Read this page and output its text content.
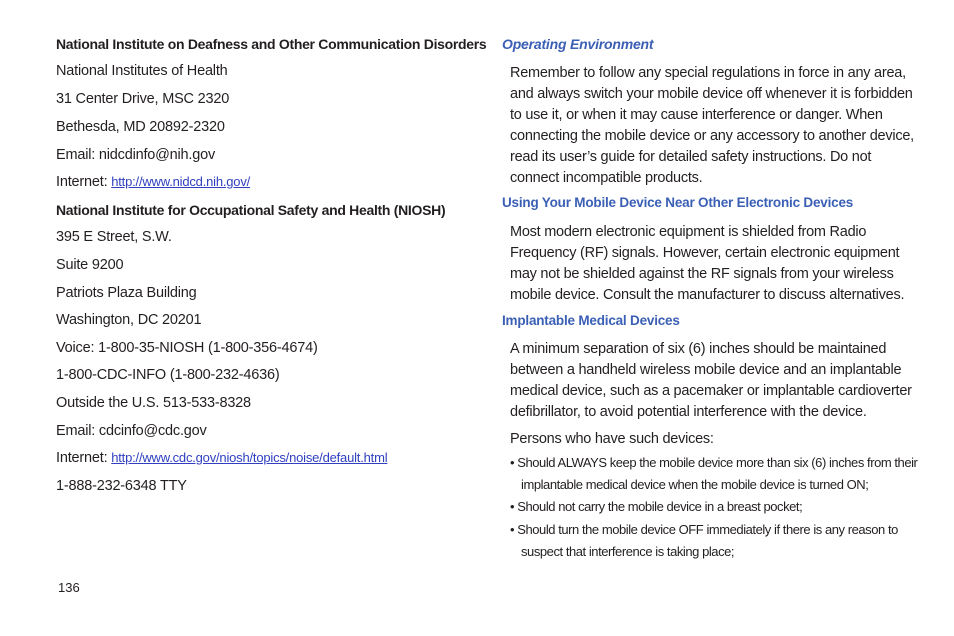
National Institute on Deafness and Other Communication Disorders
National Institutes of Health
31 Center Drive, MSC 2320
Bethesda, MD 20892-2320
Email: nidcdinfo@nih.gov
Internet: http://www.nidcd.nih.gov/
National Institute for Occupational Safety and Health (NIOSH)
395 E Street, S.W.
Suite 9200
Patriots Plaza Building
Washington, DC 20201
Voice: 1-800-35-NIOSH (1-800-356-4674)
1-800-CDC-INFO (1-800-232-4636)
Outside the U.S. 513-533-8328
Email: cdcinfo@cdc.gov
Internet: http://www.cdc.gov/niosh/topics/noise/default.html
1-888-232-6348 TTY
Operating Environment
Remember to follow any special regulations in force in any area, and always switch your mobile device off whenever it is forbidden to use it, or when it may cause interference or danger. When connecting the mobile device or any accessory to another device, read its user’s guide for detailed safety instructions. Do not connect incompatible products.
Using Your Mobile Device Near Other Electronic Devices
Most modern electronic equipment is shielded from Radio Frequency (RF) signals. However, certain electronic equipment may not be shielded against the RF signals from your wireless mobile device. Consult the manufacturer to discuss alternatives.
Implantable Medical Devices
A minimum separation of six (6) inches should be maintained between a handheld wireless mobile device and an implantable medical device, such as a pacemaker or implantable cardioverter defibrillator, to avoid potential interference with the device.
Persons who have such devices:
• Should ALWAYS keep the mobile device more than six (6) inches from their implantable medical device when the mobile device is turned ON;
• Should not carry the mobile device in a breast pocket;
• Should turn the mobile device OFF immediately if there is any reason to suspect that interference is taking place;
136
